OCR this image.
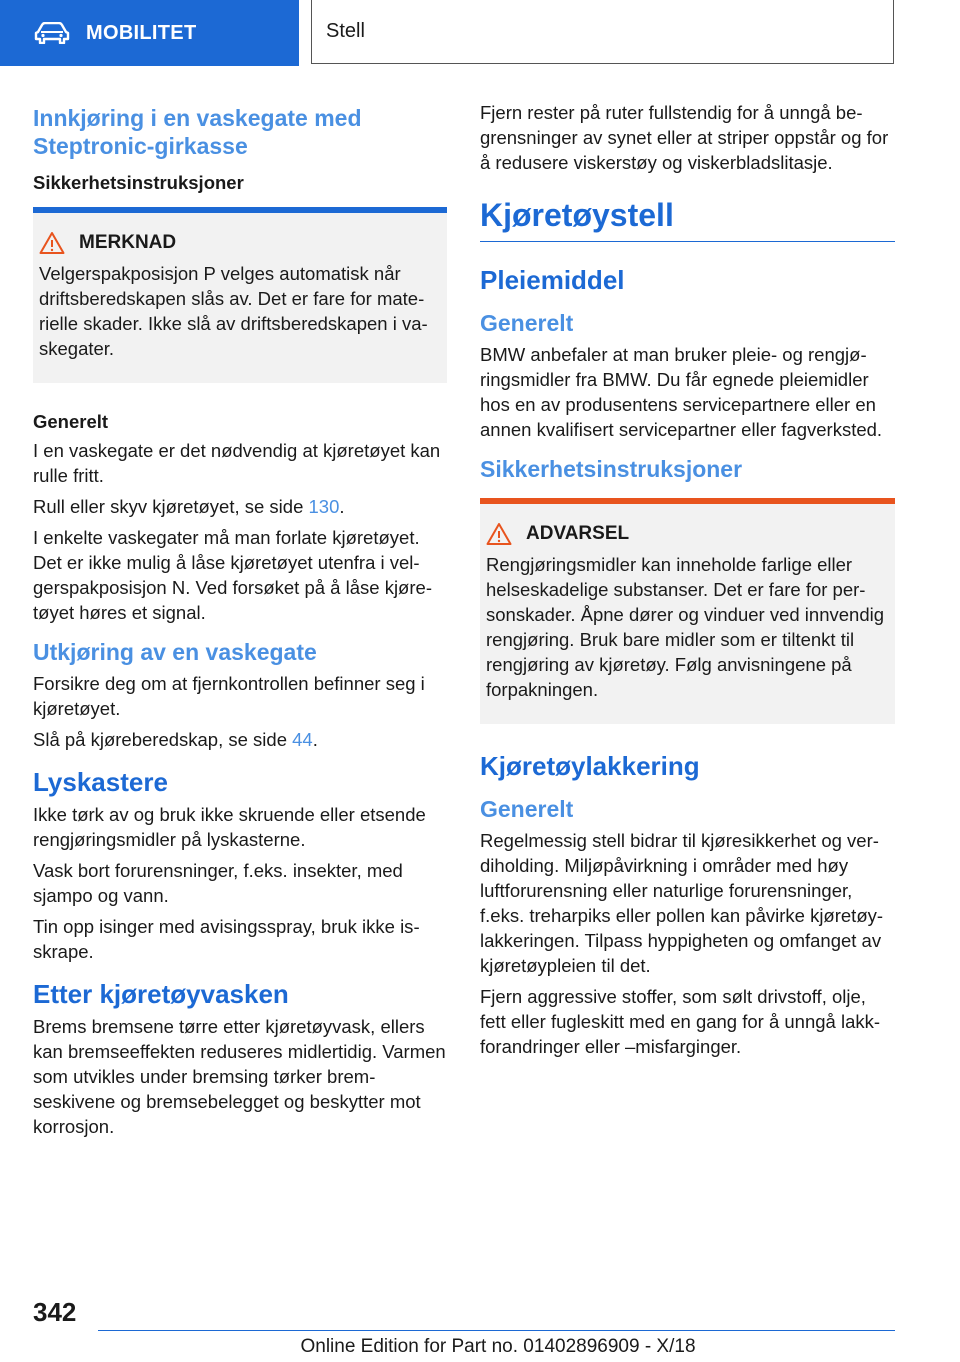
MOBILITET	Stell
Innkjøring i en vaskegate med Steptronic-girkasse
Sikkerhetsinstruksjoner
MERKNAD

Velgerspakposisjon P velges automatisk når driftsberedskapen slås av. Det er fare for materielle skader. Ikke slå av driftsberedskapen i vaskegater.

Generelt

I en vaskegate er det nødvendig at kjøretøyet kan rulle fritt.

Rull eller skyv kjøretøyet, se side 130.

I enkelte vaskegater må man forlate kjøretøyet. Det er ikke mulig å låse kjøretøyet utenfra i velgerspakposisjon N. Ved forsøket på å låse kjøretøyet høres et signal.

Utkjøring av en vaskegate

Forsikre deg om at fjernkontrollen befinner seg i kjøretøyet.

Slå på kjøreberedskap, se side 44.

Lyskastere

Ikke tørk av og bruk ikke skruende eller etsende rengjøringsmidler på lyskasterne.

Vask bort forurensninger, f.eks. insekter, med sjampo og vann.

Tin opp isinger med avisingsspray, bruk ikke isskrape.

Etter kjøretøyvasken

Brems bremsene tørre etter kjøretøyvask, ellers kan bremseeffekten reduseres midlertidig. Varmen som utvikles under bremsing tørker bremseskivene og bremsebelegget og beskytter mot korrosjon.

Fjern rester på ruter fullstendig for å unngå begrensninger av synet eller at striper oppstår og for å redusere viskerstøy og viskerbladslitasje.

Kjøretøystell
Pleiemiddel
Generelt

BMW anbefaler at man bruker pleie- og rengjøringsmidler fra BMW. Du får egnede pleiemidler hos en av produsentens servicepartnere eller en annen kvalifisert servicepartner eller fagverksted.

Sikkerhetsinstruksjoner
ADVARSEL

Rengjøringsmidler kan inneholde farlige eller helseskadelige substanser. Det er fare for personskader. Åpne dører og vinduer ved innvendig rengjøring. Bruk bare midler som er tiltenkt til rengjøring av kjøretøy. Følg anvisningene på forpakningen.

Kjøretøylakkering
Generelt

Regelmessig stell bidrar til kjøresikkerhet og verdiholding. Miljøpåvirkning i områder med høy luftforurensning eller naturlige forurensninger, f.eks. treharpiks eller pollen kan påvirke kjøretøylakkeringen. Tilpass hyppigheten og omfanget av kjøretøypleien til det.

Fjern aggressive stoffer, som sølt drivstoff, olje, fett eller fugleskitt med en gang for å unngå lakkforandringer eller –misfarginger.

342
Online Edition for Part no. 01402896909 - X/18
